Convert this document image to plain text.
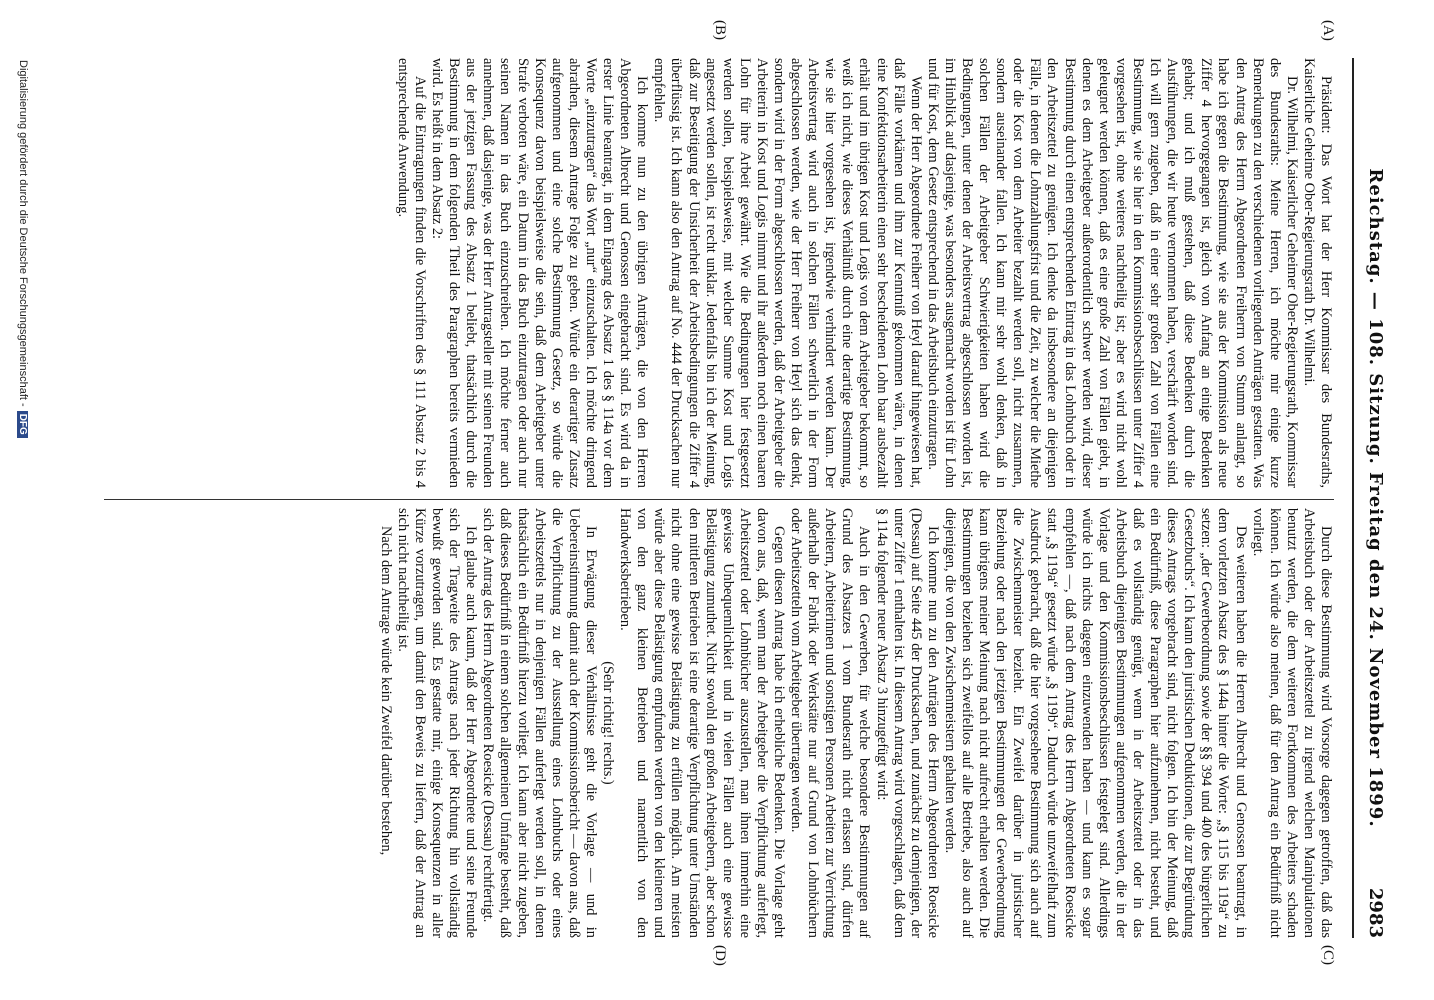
Reichstag. — 108. Sitzung. Freitag den 24. November 1899.
2983
(A)
(B)
(C)
(D)

Präsident: Das Wort hat der Herr Kommissar des Bundesraths, Kaiserliche Geheime Ober-Regierungsrath Dr. Wilhelmi.

Dr. Wilhelmi, Kaiserlicher Geheimer Ober-Regierungsrath, Kommissar des Bundesraths: Meine Herren, ich möchte mir einige kurze Bemerkungen zu den verschiedenen vorliegenden Anträgen gestatten. Was den Antrag des Herrn Abgeordneten Freiherrn von Stumm anlangt, so habe ich gegen die Bestimmung, wie sie aus der Kommission als neue Ziffer 4 hervorgegangen ist, gleich von Anfang an einige Bedenken gehabt; und ich muß gestehen, daß diese Bedenken durch die Ausführungen, die wir heute vernommen haben, verschärft worden sind. Ich will gern zugeben, daß in einer sehr großen Zahl von Fällen eine Bestimmung, wie sie hier in den Kommissionsbeschlüssen unter Ziffer 4 vorgesehen ist, ohne weiteres nachtheilig ist; aber es wird nicht wohl geleugnet werden können, daß es eine große Zahl von Fällen giebt, in denen es dem Arbeitgeber außerordentlich schwer werden wird, dieser Bestimmung durch einen entsprechenden Eintrag in das Lohnbuch oder in den Arbeitszettel zu genügen. Ich denke da insbesondere an diejenigen Fälle, in denen die Lohnzahlungsfrist und die Zeit, zu welcher die Miethe oder die Kost von dem Arbeiter bezahlt werden soll, nicht zusammen, sondern auseinander fallen. Ich kann mir sehr wohl denken, daß in solchen Fällen der Arbeitgeber Schwierigkeiten haben wird die Bedingungen, unter denen der Arbeitsvertrag abgeschlossen worden ist, im Hinblick auf dasjenige, was besonders ausgemacht worden ist für Lohn und für Kost, dem Gesetz entsprechend in das Arbeitsbuch einzutragen.

Wenn der Herr Abgeordnete Freiherr von Heyl darauf hingewiesen hat, daß Fälle vorkämen und ihm zur Kenntniß gekommen wären, in denen eine Konfektionsarbeiterin einen sehr bescheidenen Lohn baar ausbezahlt erhält und im übrigen Kost und Logis von dem Arbeitgeber bekommt, so weiß ich nicht, wie dieses Verhältniß durch eine derartige Bestimmung, wie sie hier vorgesehen ist, irgendwie verhindert werden kann. Der Arbeitsvertrag wird auch in solchen Fällen schwerlich in der Form abgeschlossen werden, wie der Herr Freiherr von Heyl sich das denkt, sondern wird in der Form abgeschlossen werden, daß der Arbeitgeber die Arbeiterin in Kost und Logis nimmt und ihr außerdem noch einen baaren Lohn für ihre Arbeit gewährt. Wie die Bedingungen hier festgesetzt werden sollen, beispielsweise, mit welcher Summe Kost und Logis angesetzt werden sollen, ist recht unklar. Jedenfalls bin ich der Meinung, daß zur Beseitigung der Unsicherheit der Arbeitsbedingungen die Ziffer 4 überflüssig ist. Ich kann also den Antrag auf No. 444 der Drucksachen nur empfehlen.

Ich komme nun zu den übrigen Anträgen, die von den Herren Abgeordneten Albrecht und Genossen eingebracht sind. Es wird da in erster Linie beantragt, in dem Eingang des Absatz 1 des § 114a vor dem Worte „einzutragen“ das Wort „nur“ einzuschalten. Ich möchte dringend abrathen, diesem Antrage Folge zu geben. Würde ein derartiger Zusatz aufgenommen und eine solche Bestimmung Gesetz, so würde die Konsequenz davon beispielsweise die sein, daß dem Arbeitgeber unter Strafe verboten wäre, ein Datum in das Buch einzutragen oder auch nur seinen Namen in das Buch einzuschreiben. Ich möchte ferner auch annehmen, daß dasjenige, was der Herr Antragsteller mit seinen Freunden aus der jetzigen Fassung des Absatz 1 beliebt, thatsächlich durch die Bestimmung in dem folgenden Theil des Paragraphen bereits vermieden wird. Es heißt in dem Absatz 2:

Auf die Eintragungen finden die Vorschriften des § 111 Absatz 2 bis 4 entsprechende Anwendung.

Durch diese Bestimmung wird Vorsorge dagegen getroffen, daß das Arbeitsbuch oder der Arbeitszettel zu irgend welchen Manipulationen benutzt werden, die dem weiteren Fortkommen des Arbeiters schaden können. Ich würde also meinen, daß für den Antrag ein Bedürfniß nicht vorliegt.

Des weiteren haben die Herren Albrecht und Genossen beantragt, in dem vorletzten Absatz des § 144a hinter die Worte: „§ 115 bis 119a“ zu setzen: „der Gewerbeordnung sowie der §§ 394 und 400 des bürgerlichen Gesetzbuchs“. Ich kann den juristischen Deduktionen, die zur Begründung dieses Antrags vorgebracht sind, nicht folgen. Ich bin der Meinung, daß ein Bedürfniß, diese Paragraphen hier aufzunehmen, nicht besteht, und daß es vollständig genügt, wenn in der Arbeitszettel oder in das Arbeitsbuch diejenigen Bestimmungen aufgenommen werden, die in der Vorlage und den Kommissionsbeschlüssen festgelegt sind. Allerdings würde ich nichts dagegen einzuwenden haben — und kann es sogar empfehlen —, daß nach dem Antrag des Herrn Abgeordneten Roesicke statt „§ 119a“ gesetzt würde „§ 119b“. Dadurch würde unzweifelhaft zum Ausdruck gebracht, daß die hier vorgesehene Bestimmung sich auch auf die Zwischenmeister bezieht. Ein Zweifel darüber in juristischer Beziehung oder nach den jetzigen Bestimmungen der Gewerbeordnung kann übrigens meiner Meinung nach nicht aufrecht erhalten werden. Die Bestimmungen beziehen sich zweifellos auf alle Betriebe, also auch auf diejenigen, die von den Zwischenmeistern gehalten werden.

Ich komme nun zu den Anträgen des Herrn Abgeordneten Roesicke (Dessau) auf Seite 445 der Drucksachen, und zunächst zu demjenigen, der unter Ziffer 1 enthalten ist. In diesem Antrag wird vorgeschlagen, daß dem § 114a folgender neuer Absatz 3 hinzugefügt wird:

Auch in den Gewerben, für welche besondere Bestimmungen auf Grund des Absatzes 1 vom Bundesrath nicht erlassen sind, dürfen Arbeitern, Arbeiterinnen und sonstigen Personen Arbeiten zur Verrichtung außerhalb der Fabrik oder Werkstätte nur auf Grund von Lohnbüchern oder Arbeitszetteln vom Arbeitgeber übertragen werden.

Gegen diesen Antrag habe ich erhebliche Bedenken. Die Vorlage geht davon aus, daß, wenn man der Arbeitgeber die Verpflichtung auferlegt, Arbeitszettel oder Lohnbücher auszustellen, man ihnen immerhin eine gewisse Unbequemlichkeit und in vielen Fällen auch eine gewisse Belästigung zumuthet. Nicht sowohl den großen Arbeitgebern, aber schon den mittleren Betrieben ist eine derartige Verpflichtung unter Umständen nicht ohne eine gewisse Belästigung zu erfüllen möglich. Am meisten würde aber diese Belästigung empfunden werden von den kleineren und von den ganz kleinen Betrieben und namentlich von den Handwerksbetrieben.

(Sehr richtig! rechts.)

In Erwägung dieser Verhältnisse geht die Vorlage — und in Uebereinstimmung damit auch der Kommissionsbericht — davon aus, daß die Verpflichtung zu der Ausstellung eines Lohnbuchs oder eines Arbeitszettels nur in denjenigen Fällen auferlegt werden soll, in denen thatsächlich ein Bedürfniß hierzu vorliegt. Ich kann aber nicht zugeben, daß dieses Bedürfniß in einem solchen allgemeinen Umfange besteht, daß sich der Antrag des Herrn Abgeordneten Roesicke (Dessau) rechtfertigt.

Ich glaube auch kaum, daß der Herr Abgeordnete und seine Freunde sich der Tragweite des Antrags nach jeder Richtung hin vollständig bewußt geworden sind. Es gestatte mir, einige Konsequenzen in aller Kürze vorzutragen, um damit den Beweis zu liefern, daß der Antrag an sich nicht nachtheilig ist.

Nach dem Antrage würde kein Zweifel darüber bestehen,

Digitalisierung gefördert durch die Deutsche Forschungsgemeinschaft -DFG
